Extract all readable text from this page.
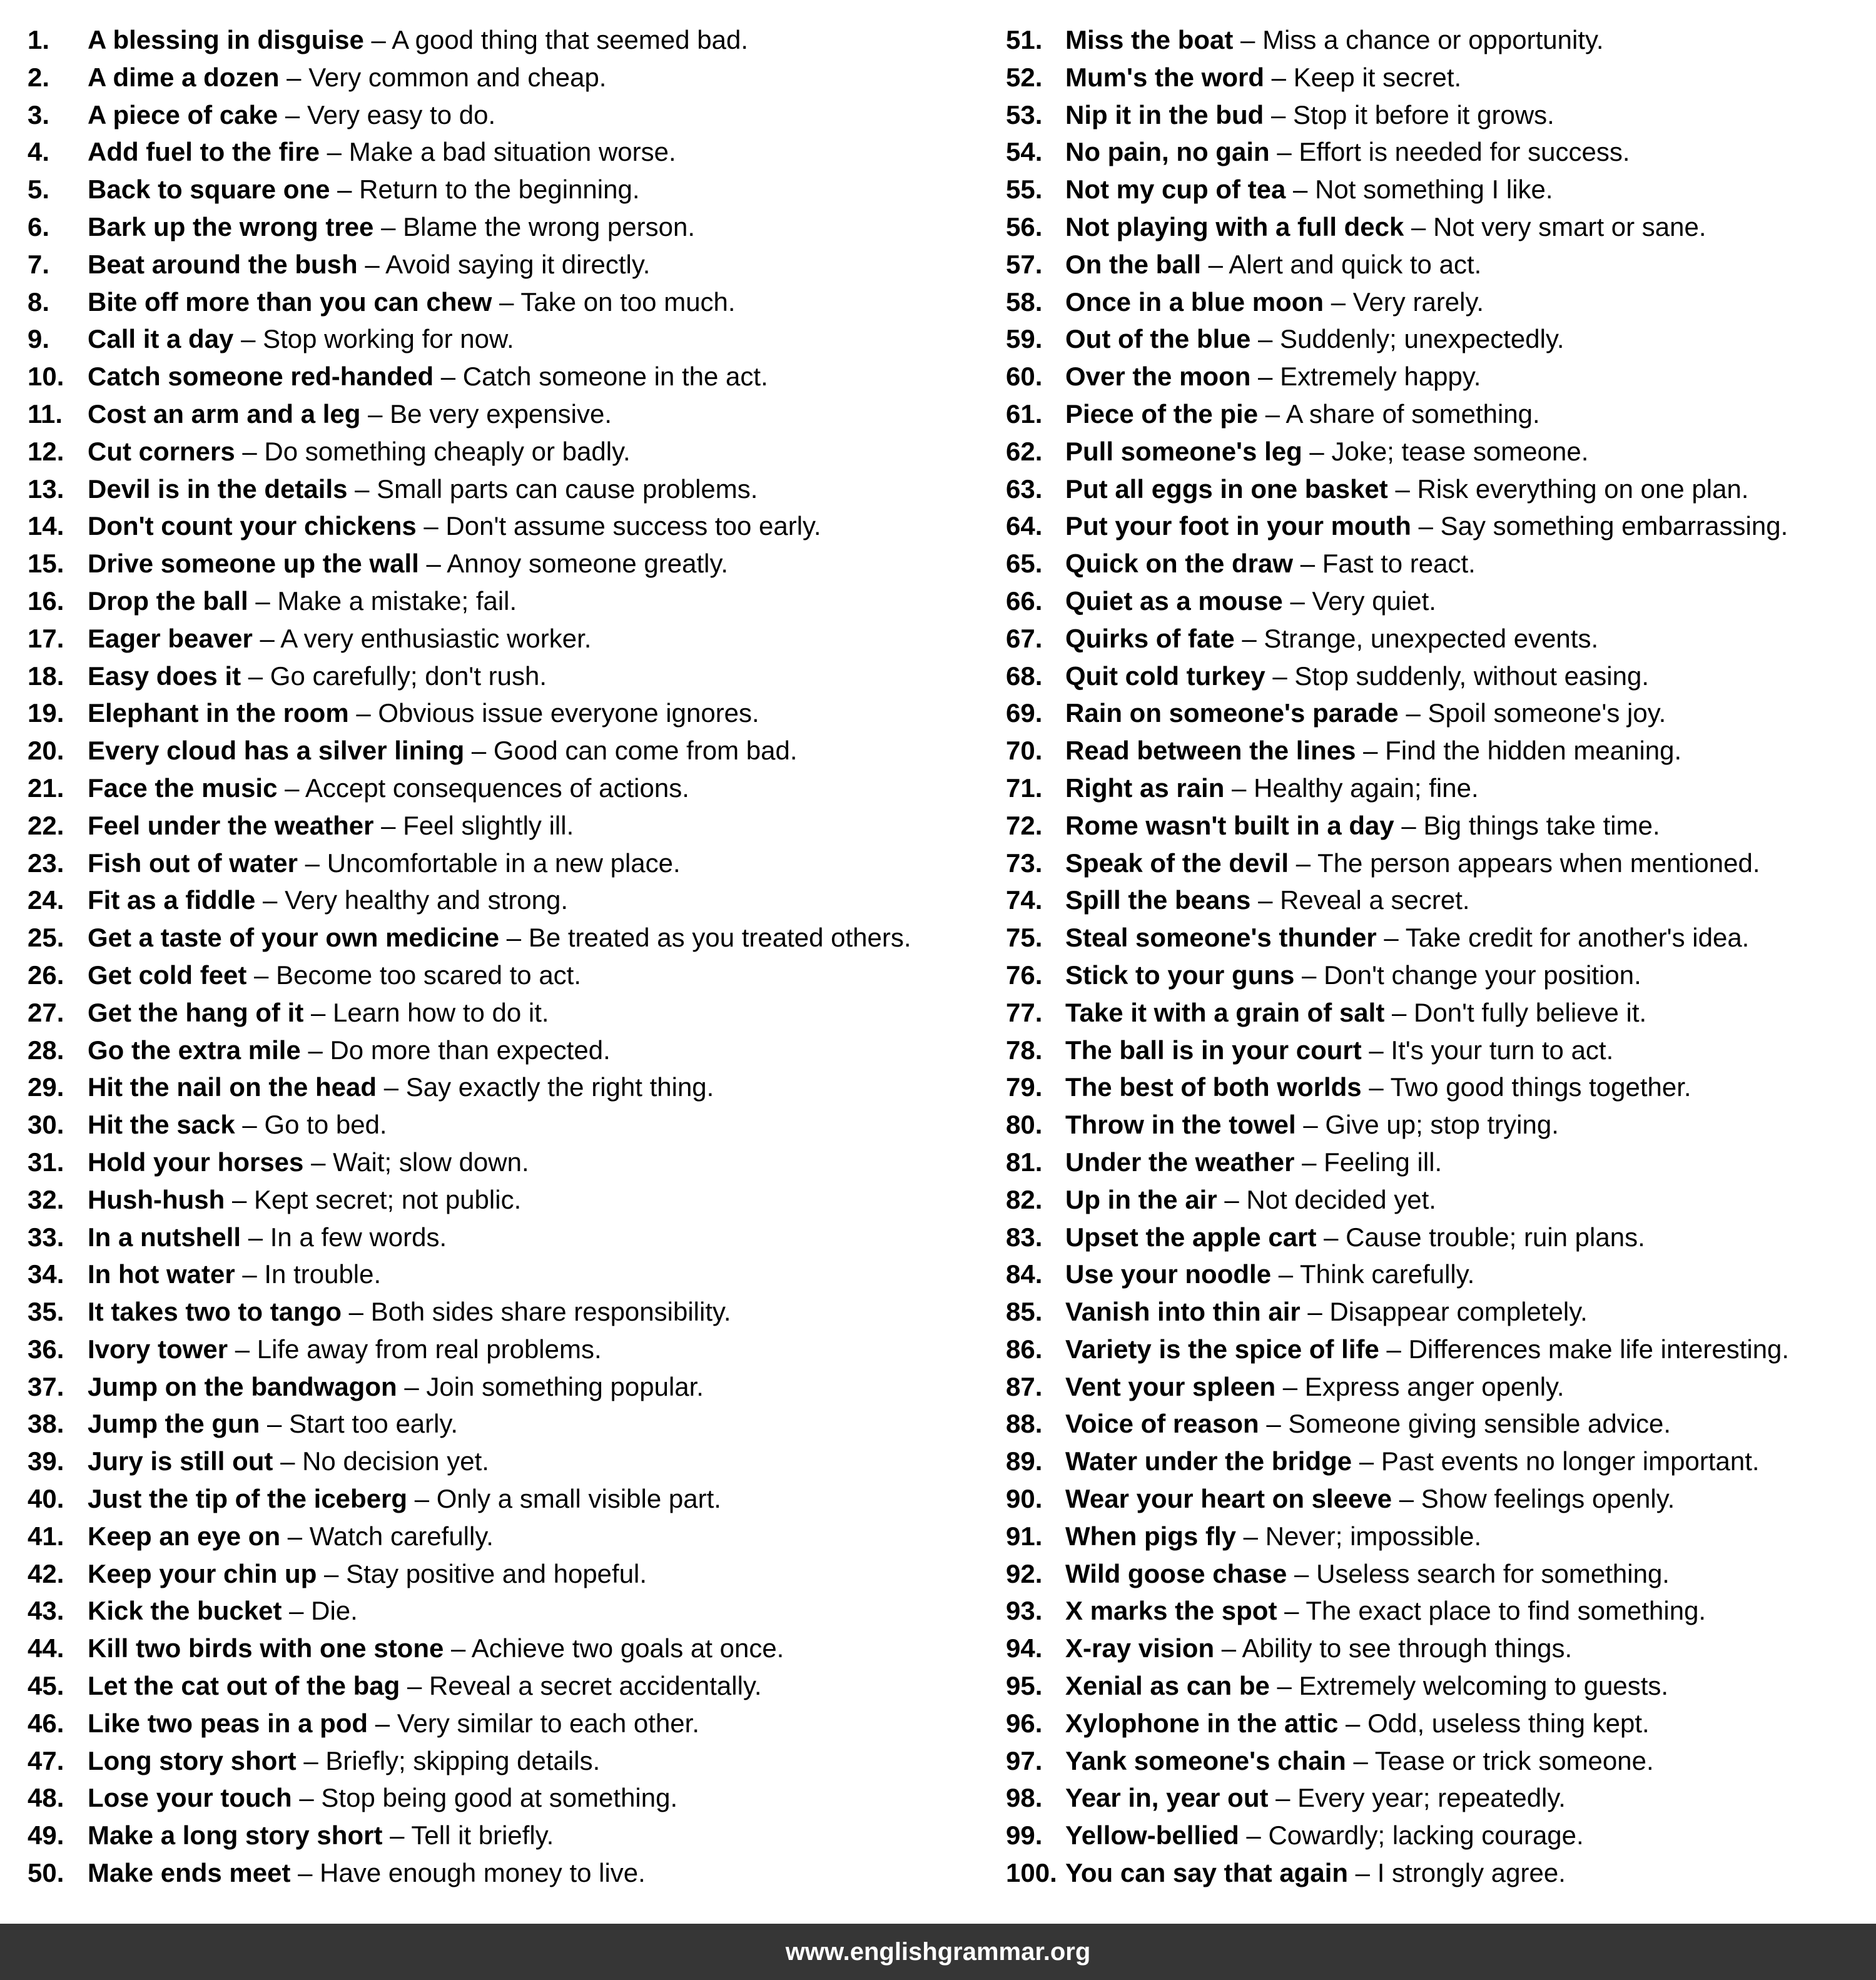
1. A blessing in disguise – A good thing that seemed bad.
2. A dime a dozen – Very common and cheap.
3. A piece of cake – Very easy to do.
4. Add fuel to the fire – Make a bad situation worse.
5. Back to square one – Return to the beginning.
6. Bark up the wrong tree – Blame the wrong person.
7. Beat around the bush – Avoid saying it directly.
8. Bite off more than you can chew – Take on too much.
9. Call it a day – Stop working for now.
10. Catch someone red-handed – Catch someone in the act.
11. Cost an arm and a leg – Be very expensive.
12. Cut corners – Do something cheaply or badly.
13. Devil is in the details – Small parts can cause problems.
14. Don't count your chickens – Don't assume success too early.
15. Drive someone up the wall – Annoy someone greatly.
16. Drop the ball – Make a mistake; fail.
17. Eager beaver – A very enthusiastic worker.
18. Easy does it – Go carefully; don't rush.
19. Elephant in the room – Obvious issue everyone ignores.
20. Every cloud has a silver lining – Good can come from bad.
21. Face the music – Accept consequences of actions.
22. Feel under the weather – Feel slightly ill.
23. Fish out of water – Uncomfortable in a new place.
24. Fit as a fiddle – Very healthy and strong.
25. Get a taste of your own medicine – Be treated as you treated others.
26. Get cold feet – Become too scared to act.
27. Get the hang of it – Learn how to do it.
28. Go the extra mile – Do more than expected.
29. Hit the nail on the head – Say exactly the right thing.
30. Hit the sack – Go to bed.
31. Hold your horses – Wait; slow down.
32. Hush-hush – Kept secret; not public.
33. In a nutshell – In a few words.
34. In hot water – In trouble.
35. It takes two to tango – Both sides share responsibility.
36. Ivory tower – Life away from real problems.
37. Jump on the bandwagon – Join something popular.
38. Jump the gun – Start too early.
39. Jury is still out – No decision yet.
40. Just the tip of the iceberg – Only a small visible part.
41. Keep an eye on – Watch carefully.
42. Keep your chin up – Stay positive and hopeful.
43. Kick the bucket – Die.
44. Kill two birds with one stone – Achieve two goals at once.
45. Let the cat out of the bag – Reveal a secret accidentally.
46. Like two peas in a pod – Very similar to each other.
47. Long story short – Briefly; skipping details.
48. Lose your touch – Stop being good at something.
49. Make a long story short – Tell it briefly.
50. Make ends meet – Have enough money to live.
51. Miss the boat – Miss a chance or opportunity.
52. Mum's the word – Keep it secret.
53. Nip it in the bud – Stop it before it grows.
54. No pain, no gain – Effort is needed for success.
55. Not my cup of tea – Not something I like.
56. Not playing with a full deck – Not very smart or sane.
57. On the ball – Alert and quick to act.
58. Once in a blue moon – Very rarely.
59. Out of the blue – Suddenly; unexpectedly.
60. Over the moon – Extremely happy.
61. Piece of the pie – A share of something.
62. Pull someone's leg – Joke; tease someone.
63. Put all eggs in one basket – Risk everything on one plan.
64. Put your foot in your mouth – Say something embarrassing.
65. Quick on the draw – Fast to react.
66. Quiet as a mouse – Very quiet.
67. Quirks of fate – Strange, unexpected events.
68. Quit cold turkey – Stop suddenly, without easing.
69. Rain on someone's parade – Spoil someone's joy.
70. Read between the lines – Find the hidden meaning.
71. Right as rain – Healthy again; fine.
72. Rome wasn't built in a day – Big things take time.
73. Speak of the devil – The person appears when mentioned.
74. Spill the beans – Reveal a secret.
75. Steal someone's thunder – Take credit for another's idea.
76. Stick to your guns – Don't change your position.
77. Take it with a grain of salt – Don't fully believe it.
78. The ball is in your court – It's your turn to act.
79. The best of both worlds – Two good things together.
80. Throw in the towel – Give up; stop trying.
81. Under the weather – Feeling ill.
82. Up in the air – Not decided yet.
83. Upset the apple cart – Cause trouble; ruin plans.
84. Use your noodle – Think carefully.
85. Vanish into thin air – Disappear completely.
86. Variety is the spice of life – Differences make life interesting.
87. Vent your spleen – Express anger openly.
88. Voice of reason – Someone giving sensible advice.
89. Water under the bridge – Past events no longer important.
90. Wear your heart on sleeve – Show feelings openly.
91. When pigs fly – Never; impossible.
92. Wild goose chase – Useless search for something.
93. X marks the spot – The exact place to find something.
94. X-ray vision – Ability to see through things.
95. Xenial as can be – Extremely welcoming to guests.
96. Xylophone in the attic – Odd, useless thing kept.
97. Yank someone's chain – Tease or trick someone.
98. Year in, year out – Every year; repeatedly.
99. Yellow-bellied – Cowardly; lacking courage.
100. You can say that again – I strongly agree.
www.englishgrammar.org
